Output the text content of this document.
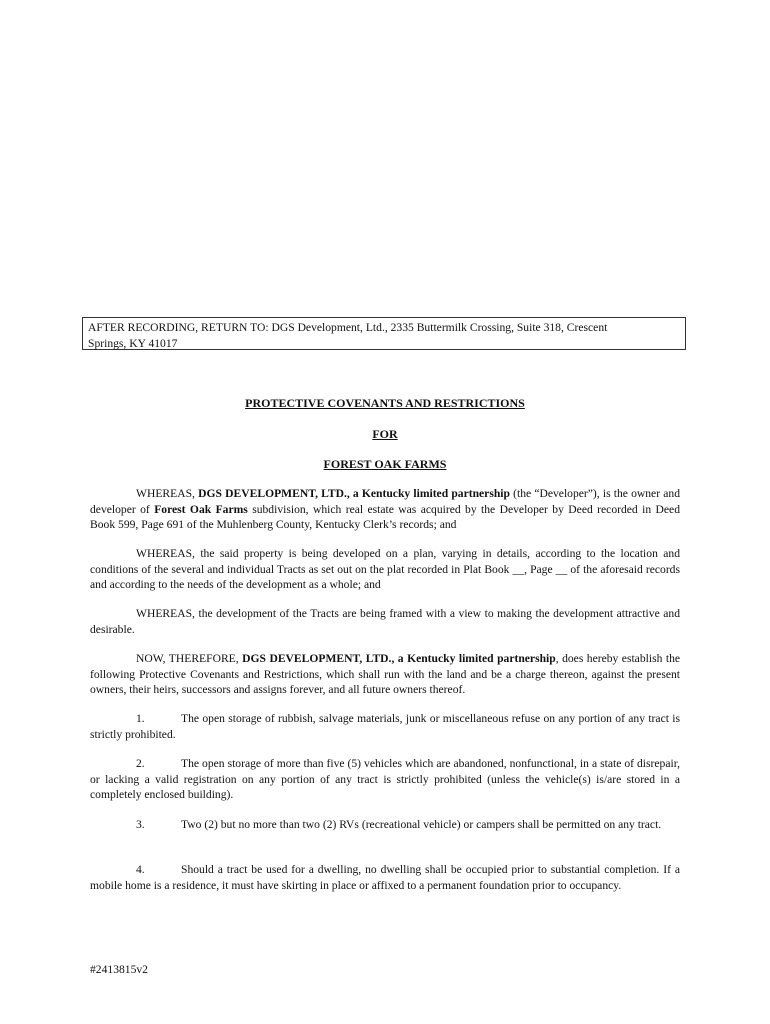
AFTER RECORDING, RETURN TO: DGS Development, Ltd., 2335 Buttermilk Crossing, Suite 318, Crescent
Springs, KY 41017
PROTECTIVE COVENANTS AND RESTRICTIONS
FOR
FOREST OAK FARMS

WHEREAS, DGS DEVELOPMENT, LTD., a Kentucky limited partnership (the “Developer”), is the owner and developer of Forest Oak Farms subdivision, which real estate was acquired by the Developer by Deed recorded in Deed Book 599, Page 691 of the Muhlenberg County, Kentucky Clerk’s records; and

WHEREAS, the said property is being developed on a plan, varying in details, according to the location and conditions of the several and individual Tracts as set out on the plat recorded in Plat Book __, Page __ of the aforesaid records and according to the needs of the development as a whole; and

WHEREAS, the development of the Tracts are being framed with a view to making the development attractive and desirable.

NOW, THEREFORE, DGS DEVELOPMENT, LTD., a Kentucky limited partnership, does hereby establish the following Protective Covenants and Restrictions, which shall run with the land and be a charge thereon, against the present owners, their heirs, successors and assigns forever, and all future owners thereof.

1.	The open storage of rubbish, salvage materials, junk or miscellaneous refuse on any portion of any tract is strictly prohibited.

2.	The open storage of more than five (5) vehicles which are abandoned, nonfunctional, in a state of disrepair, or lacking a valid registration on any portion of any tract is strictly prohibited (unless the vehicle(s) is/are stored in a completely enclosed building).

3.	Two (2) but no more than two (2) RVs (recreational vehicle) or campers shall be permitted on any tract.

4.	Should a tract be used for a dwelling, no dwelling shall be occupied prior to substantial completion. If a mobile home is a residence, it must have skirting in place or affixed to a permanent foundation prior to occupancy.

#2413815v2
